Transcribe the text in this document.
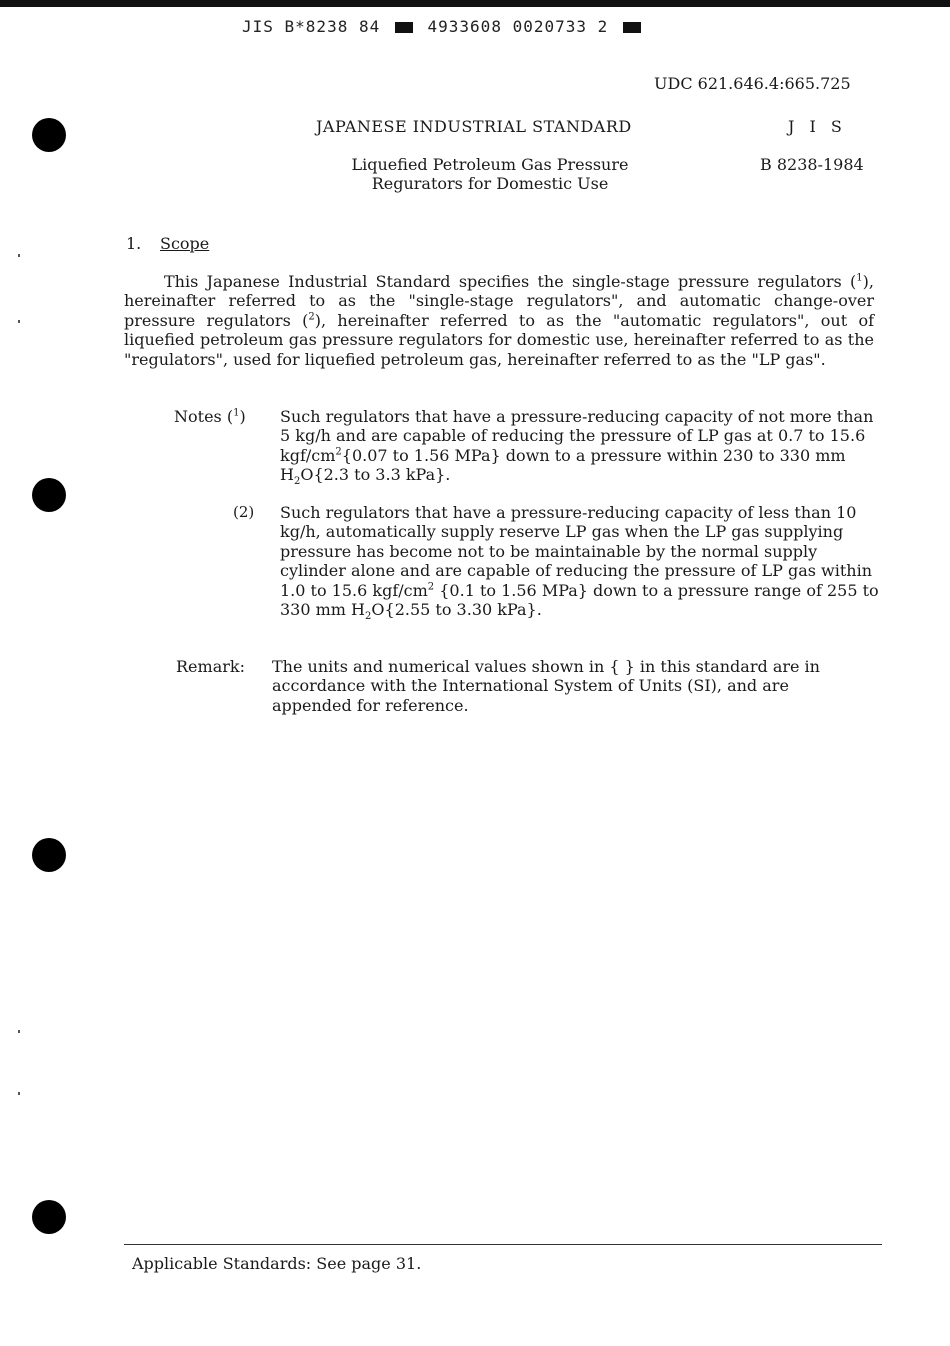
JIS B*8238 84	4933608 0020733 2
UDC 621.646.4:665.725
JAPANESE INDUSTRIAL STANDARD	J I S
Liquefied Petroleum Gas Pressure
Regurators for Domestic Use
B 8238-1984
1. Scope

This Japanese Industrial Standard specifies the single-stage pressure regulators ($^1$), hereinafter referred to as the "single-stage regulators", and automatic change-over pressure regulators ($^2$), hereinafter referred to as the "automatic regulators", out of liquefied petroleum gas pressure regulators for domestic use, hereinafter referred to as the "regulators", used for liquefied petroleum gas, hereinafter referred to as the "LP gas".

Notes ($^1$) Such regulators that have a pressure-reducing capacity of not more than 5 kg/h and are capable of reducing the pressure of LP gas at 0.7 to 15.6 kgf/$cm^2\{0.07$ to 1.56 MPa} down to a pressure within 230 to 330 mm $H_2O\{2.3$ to 3.3 kPa}.

(2) Such regulators that have a pressure-reducing capacity of less than 10 kg/h, automatically supply reserve LP gas when the LP gas supplying pressure has become not to be maintainable by the normal supply cylinder alone and are capable of reducing the pressure of LP gas within 1.0 to 15.6 kgf/$cm^2$ {0.1 to 1.56 MPa} down to a pressure range of 255 to 330 mm $H_2O\{2.55$ to 3.30 kPa}.

Remark: The units and numerical values shown in { } in this standard are in accordance with the International System of Units (SI), and are appended for reference.

Applicable Standards: See page 31.
